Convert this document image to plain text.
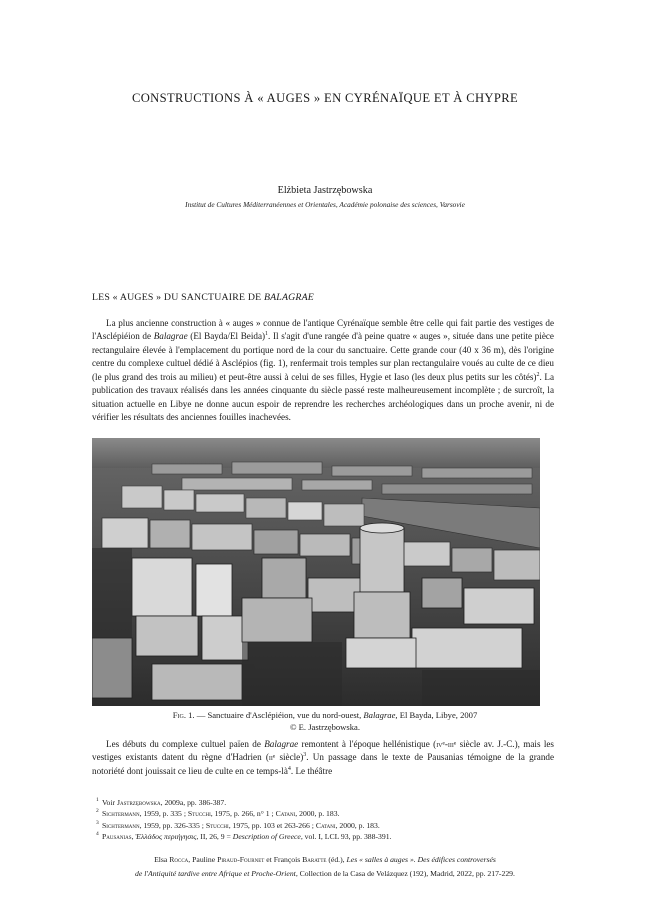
CONSTRUCTIONS À « AUGES » EN CYRÉNAÏQUE ET À CHYPRE
Elżbieta Jastrzębowska
Institut de Cultures Méditerranéennes et Orientales, Académie polonaise des sciences, Varsovie
LES « AUGES » DU SANCTUAIRE DE BALAGRAE

La plus ancienne construction à « auges » connue de l'antique Cyrénaïque semble être celle qui fait partie des vestiges de l'Asclépiéion de Balagrae (El Bayda/El Beida)$^1$. Il s'agit d'une rangée d'à peine quatre « auges », située dans une petite pièce rectangulaire élevée à l'emplacement du portique nord de la cour du sanctuaire. Cette grande cour (40 x 36 m), dès l'origine centre du complexe cultuel dédié à Asclépios (fig. 1), renfermait trois temples sur plan rectangulaire voués au culte de ce dieu (le plus grand des trois au milieu) et peut-être aussi à celui de ses filles, Hygie et Iaso (les deux plus petits sur les côtés)$^2$. La publication des travaux réalisés dans les années cinquante du siècle passé reste malheureusement incomplète ; de surcroît, la situation actuelle en Libye ne donne aucun espoir de reprendre les recherches archéologiques dans un proche avenir, ni de vérifier les résultats des anciennes fouilles inachevées.

Fig. 1. — Sanctuaire d'Asclépiéion, vue du nord-ouest, Balagrae, El Bayda, Libye, 2007
© E. Jastrzębowska.

Les débuts du complexe cultuel païen de Balagrae remontent à l'époque hellénistique (ivᵉ-iiiᵉ siècle av. J.-C.), mais les vestiges existants datent du règne d'Hadrien (iiᵉ siècle)$^3$. Un passage dans le texte de Pausanias témoigne de la grande notoriété dont jouissait ce lieu de culte en ce temps-$là^4$. Le théâtre

1 Voir Jastrzębowska, 2009a, pp. 386-387.
2 Sichtermann, 1959, p. 335 ; Stucchi, 1975, p. 266, n° 1 ; Catani, 2000, p. 183.
3 Sichtermann, 1959, pp. 326-335 ; Stucchi, 1975, pp. 103 et 263-266 ; Catani, 2000, p. 183.
4 Pausanias, Ἑλλάδος περιήγησις, II, 26, 9 = Description of Greece, vol. I, LCL 93, pp. 388-391.
Elsa Rocca, Pauline Piraud-Fournet et François Baratte (éd.), Les « salles à auges ». Des édifices controversés
de l'Antiquité tardive entre Afrique et Proche-Orient, Collection de la Casa de Velázquez (192), Madrid, 2022, pp. 217-229.
